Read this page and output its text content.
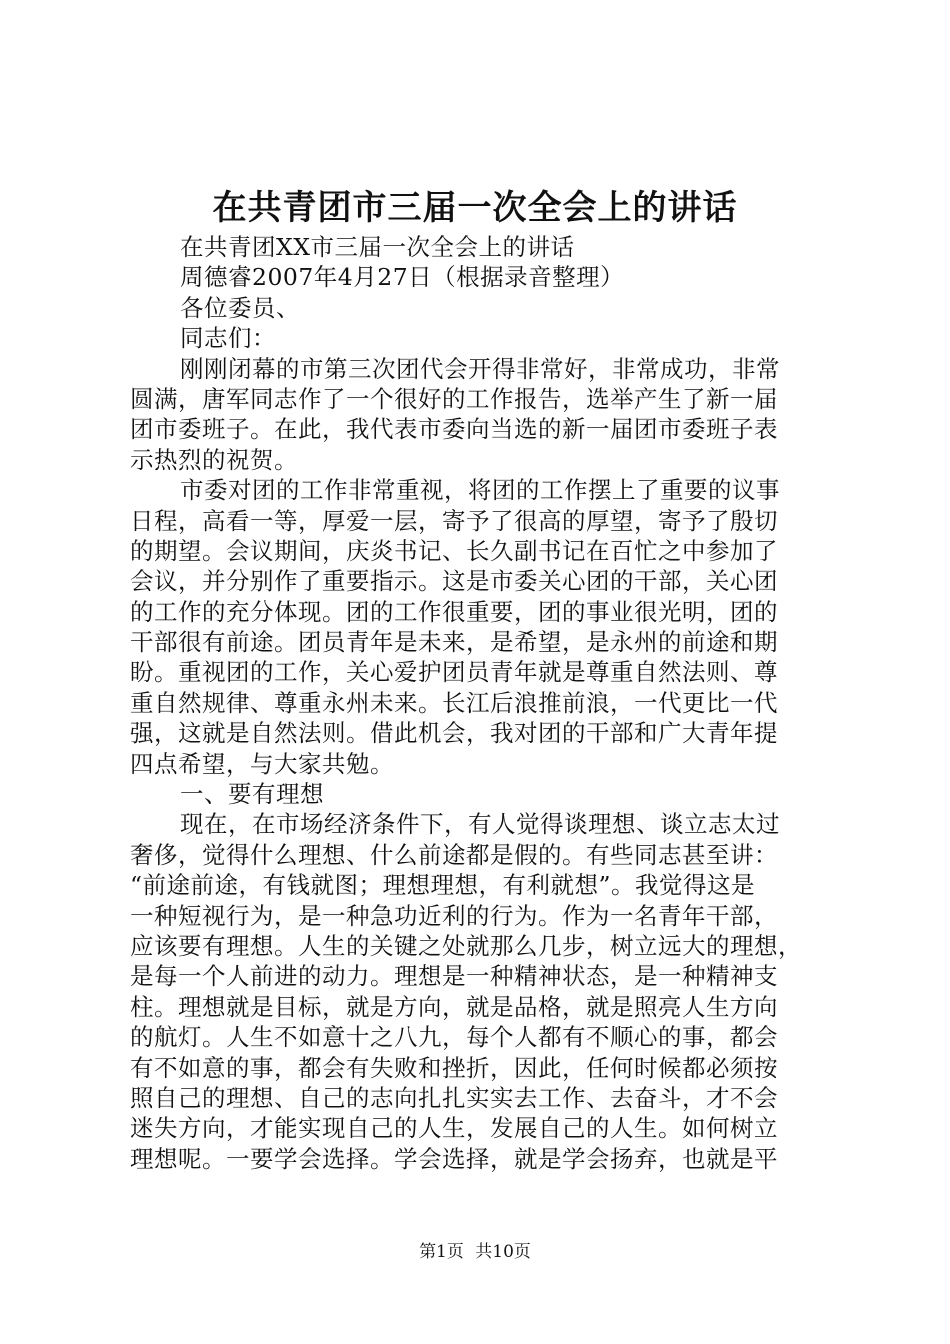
在共青团市三届一次全会上的讲话
在共青团XX市三届一次全会上的讲话
周德睿2007年4月27日（根据录音整理）
各位委员、
同志们：
刚刚闭幕的市第三次团代会开得非常好，非常成功，非常
圆满，唐军同志作了一个很好的工作报告，选举产生了新一届
团市委班子。在此，我代表市委向当选的新一届团市委班子表
示热烈的祝贺。
市委对团的工作非常重视，将团的工作摆上了重要的议事
日程，高看一等，厚爱一层，寄予了很高的厚望，寄予了殷切
的期望。会议期间，庆炎书记、长久副书记在百忙之中参加了
会议，并分别作了重要指示。这是市委关心团的干部，关心团
的工作的充分体现。团的工作很重要，团的事业很光明，团的
干部很有前途。团员青年是未来，是希望，是永州的前途和期
盼。重视团的工作，关心爱护团员青年就是尊重自然法则、尊
重自然规律、尊重永州未来。长江后浪推前浪，一代更比一代
强，这就是自然法则。借此机会，我对团的干部和广大青年提
四点希望，与大家共勉。
一、要有理想
现在，在市场经济条件下，有人觉得谈理想、谈立志太过
奢侈，觉得什么理想、什么前途都是假的。有些同志甚至讲：
“前途前途，有钱就图；理想理想，有利就想”。我觉得这是
一种短视行为，是一种急功近利的行为。作为一名青年干部，
应该要有理想。人生的关键之处就那么几步，树立远大的理想，
是每一个人前进的动力。理想是一种精神状态，是一种精神支
柱。理想就是目标，就是方向，就是品格，就是照亮人生方向
的航灯。人生不如意十之八九，每个人都有不顺心的事，都会
有不如意的事，都会有失败和挫折，因此，任何时候都必须按
照自己的理想、自己的志向扎扎实实去工作、去奋斗，才不会
迷失方向，才能实现自己的人生，发展自己的人生。如何树立
理想呢。一要学会选择。学会选择，就是学会扬弃，也就是平
第1页 共10页
